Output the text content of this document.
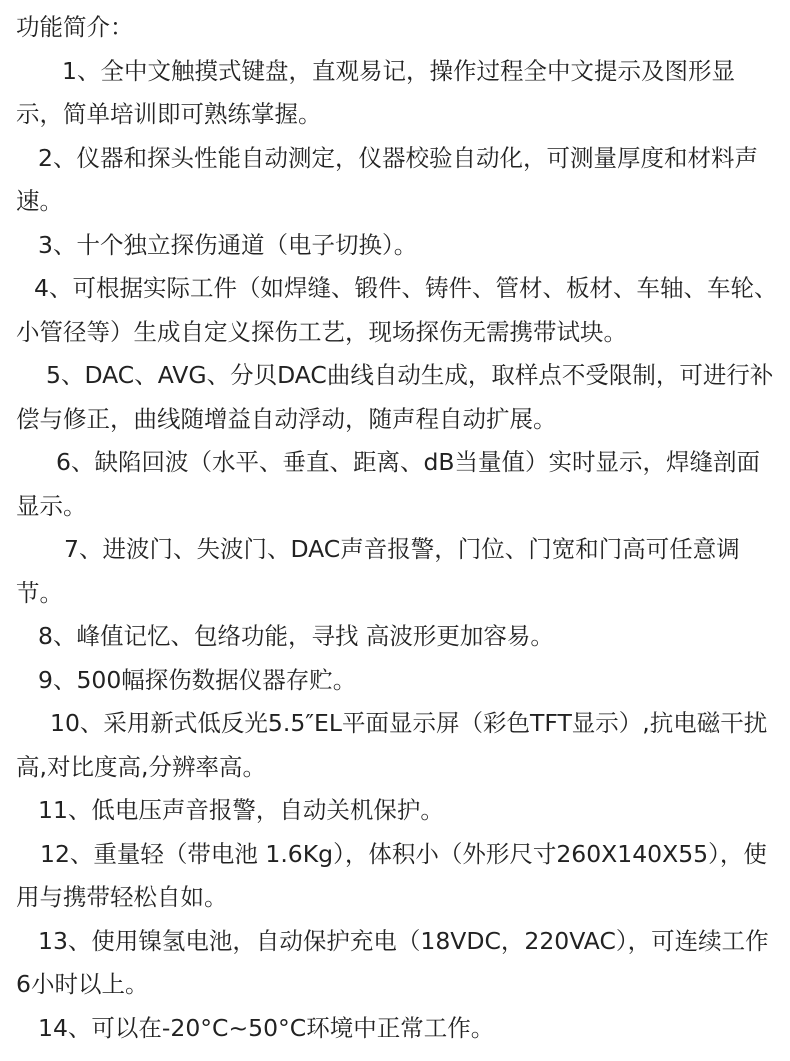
功能简介：

1、全中文触摸式键盘，直观易记，操作过程全中文提示及图形显示，简单培训即可熟练掌握。

2、仪器和探头性能自动测定，仪器校验自动化，可测量厚度和材料声速。

3、十个独立探伤通道（电子切换）。

4、可根据实际工件（如焊缝、锻件、铸件、管材、板材、车轴、车轮、小管径等）生成自定义探伤工艺，现场探伤无需携带试块。

5、DAC、AVG、分贝DAC曲线自动生成，取样点不受限制，可进行补偿与修正，曲线随增益自动浮动，随声程自动扩展。

6、缺陷回波（水平、垂直、距离、dB当量值）实时显示，焊缝剖面显示。

7、进波门、失波门、DAC声音报警，门位、门宽和门高可任意调节。

8、峰值记忆、包络功能，寻找 高波形更加容易。

9、500幅探伤数据仪器存贮。

10、采用新式低反光5.5″EL平面显示屏（彩色TFT显示）,抗电磁干扰高,对比度高,分辨率高。

11、低电压声音报警，自动关机保护。

12、重量轻（带电池 1.6Kg），体积小（外形尺寸260X140X55），使用与携带轻松自如。

13、使用镍氢电池，自动保护充电（18VDC，220VAC），可连续工作6小时以上。

14、可以在-20°C~50°C环境中正常工作。
